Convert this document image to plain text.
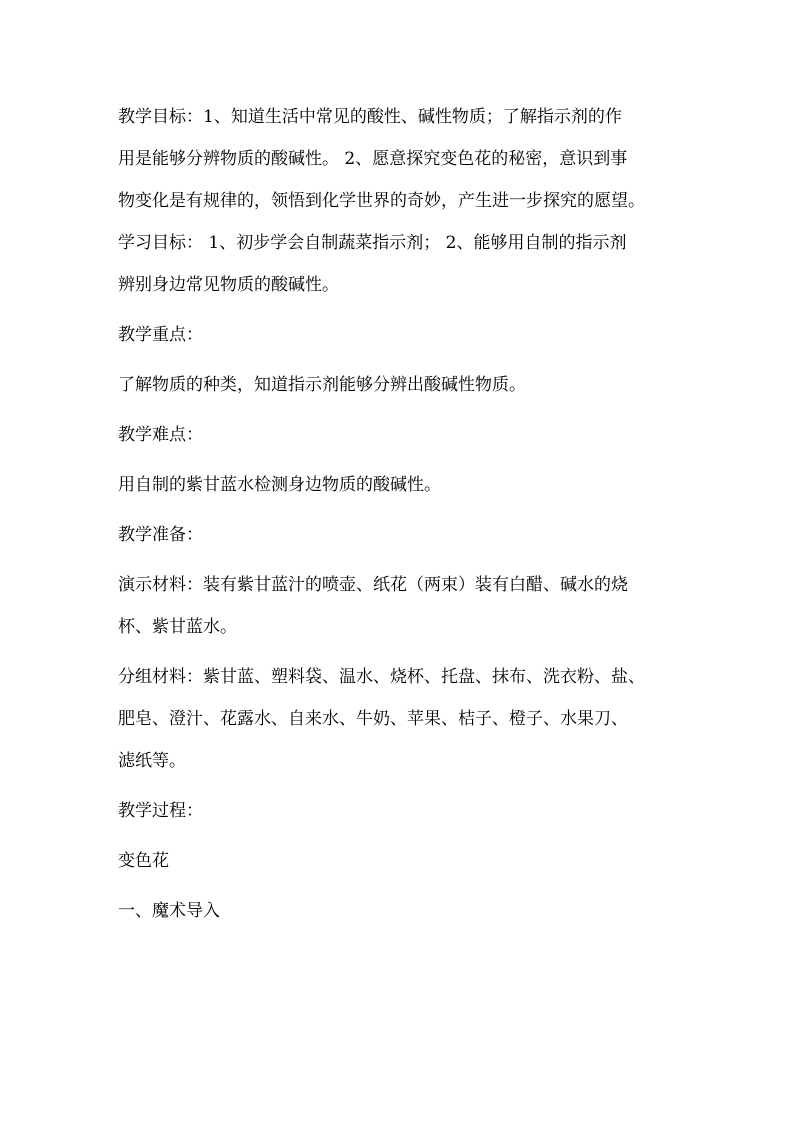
教学目标：1、知道生活中常见的酸性、碱性物质；了解指示剂的作
用是能够分辨物质的酸碱性。 2、愿意探究变色花的秘密，意识到事
物变化是有规律的，领悟到化学世界的奇妙，产生进一步探究的愿望。
学习目标： 1、初步学会自制蔬菜指示剂； 2、能够用自制的指示剂
辨别身边常见物质的酸碱性。

教学重点：

了解物质的种类，知道指示剂能够分辨出酸碱性物质。

教学难点：

用自制的紫甘蓝水检测身边物质的酸碱性。

教学准备：

演示材料：装有紫甘蓝汁的喷壶、纸花（两束）装有白醋、碱水的烧
杯、紫甘蓝水。

分组材料：紫甘蓝、塑料袋、温水、烧杯、托盘、抹布、洗衣粉、盐、
肥皂、澄汁、花露水、自来水、牛奶、苹果、桔子、橙子、水果刀、
滤纸等。

教学过程：

变色花

一、魔术导入
